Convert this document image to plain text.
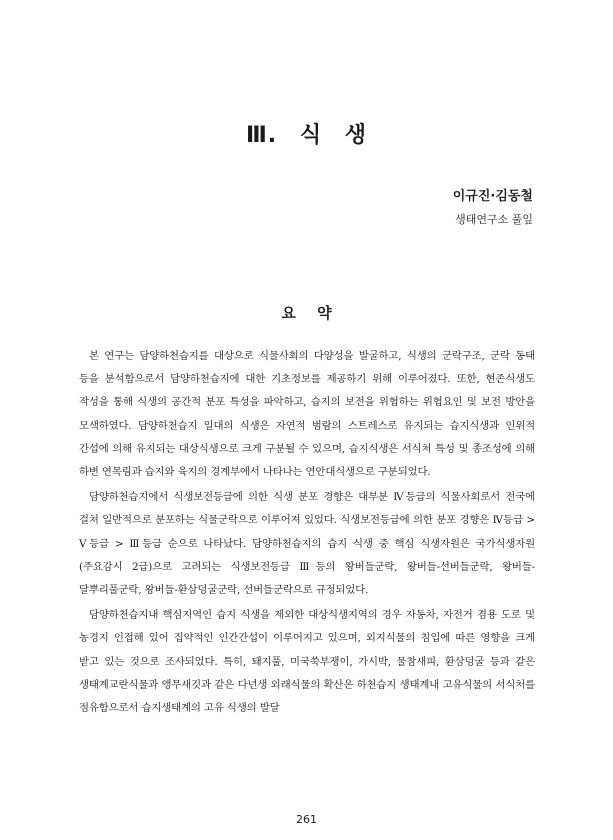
Ⅲ. 식 생
이규진·김동철
생태연구소 풀잎
요 약

본 연구는 담양하천습지를 대상으로 식물사회의 다양성을 발굴하고, 식생의 군락구조, 군락 동태 등을 분석함으로서 담양하천습지에 대한 기초정보를 제공하기 위해 이루어졌다. 또한, 현존식생도 작성을 통해 식생의 공간적 분포 특성을 파악하고, 습지의 보전을 위협하는 위협요인 및 보전 방안을 모색하였다. 담양하천습지 일대의 식생은 자연적 범람의 스트레스로 유지되는 습지식생과 인위적 간섭에 의해 유지되는 대상식생으로 크게 구분될 수 있으며, 습지식생은 서식처 특성 및 종조성에 의해 하변 연목림과 습지와 육지의 경계부에서 나타나는 연안대식생으로 구분되었다.

담양하천습지에서 식생보전등급에 의한 식생 분포 경향은 대부분 Ⅳ등급의 식물사회로서 전국에 걸쳐 일반적으로 분포하는 식물군락으로 이루어져 있었다. 식생보전등급에 의한 분포 경향은 Ⅳ등급 > Ⅴ등급 > Ⅲ등급 순으로 나타났다. 담양하천습지의 습지 식생 중 핵심 식생자원은 국가식생자원(주요감시 2급)으로 고려되는 식생보전등급 Ⅲ등의 왕버들군락, 왕버들-선버들군락, 왕버들-달뿌리풀군락, 왕버들-환삼덩굴군락, 선버들군락으로 규정되었다.

담양하천습지내 핵심지역인 습지 식생을 제외한 대상식생지역의 경우 자동차, 자전거 겸용 도로 및 농경지 인접해 있어 집약적인 인간간섭이 이루어지고 있으며, 외지식물의 침입에 따른 영향을 크게 받고 있는 것으로 조사되었다. 특히, 돼지풀, 미국쑥부쟁이, 가시박, 물참새피, 환삼덩굴 등과 같은 생태계교란식물과 앵무새깃과 같은 다년생 외래식물의 확산은 하천습지 생태계내 고유식물의 서식처를 점유함으로서 습지생태계의 고유 식생의 발달

261
